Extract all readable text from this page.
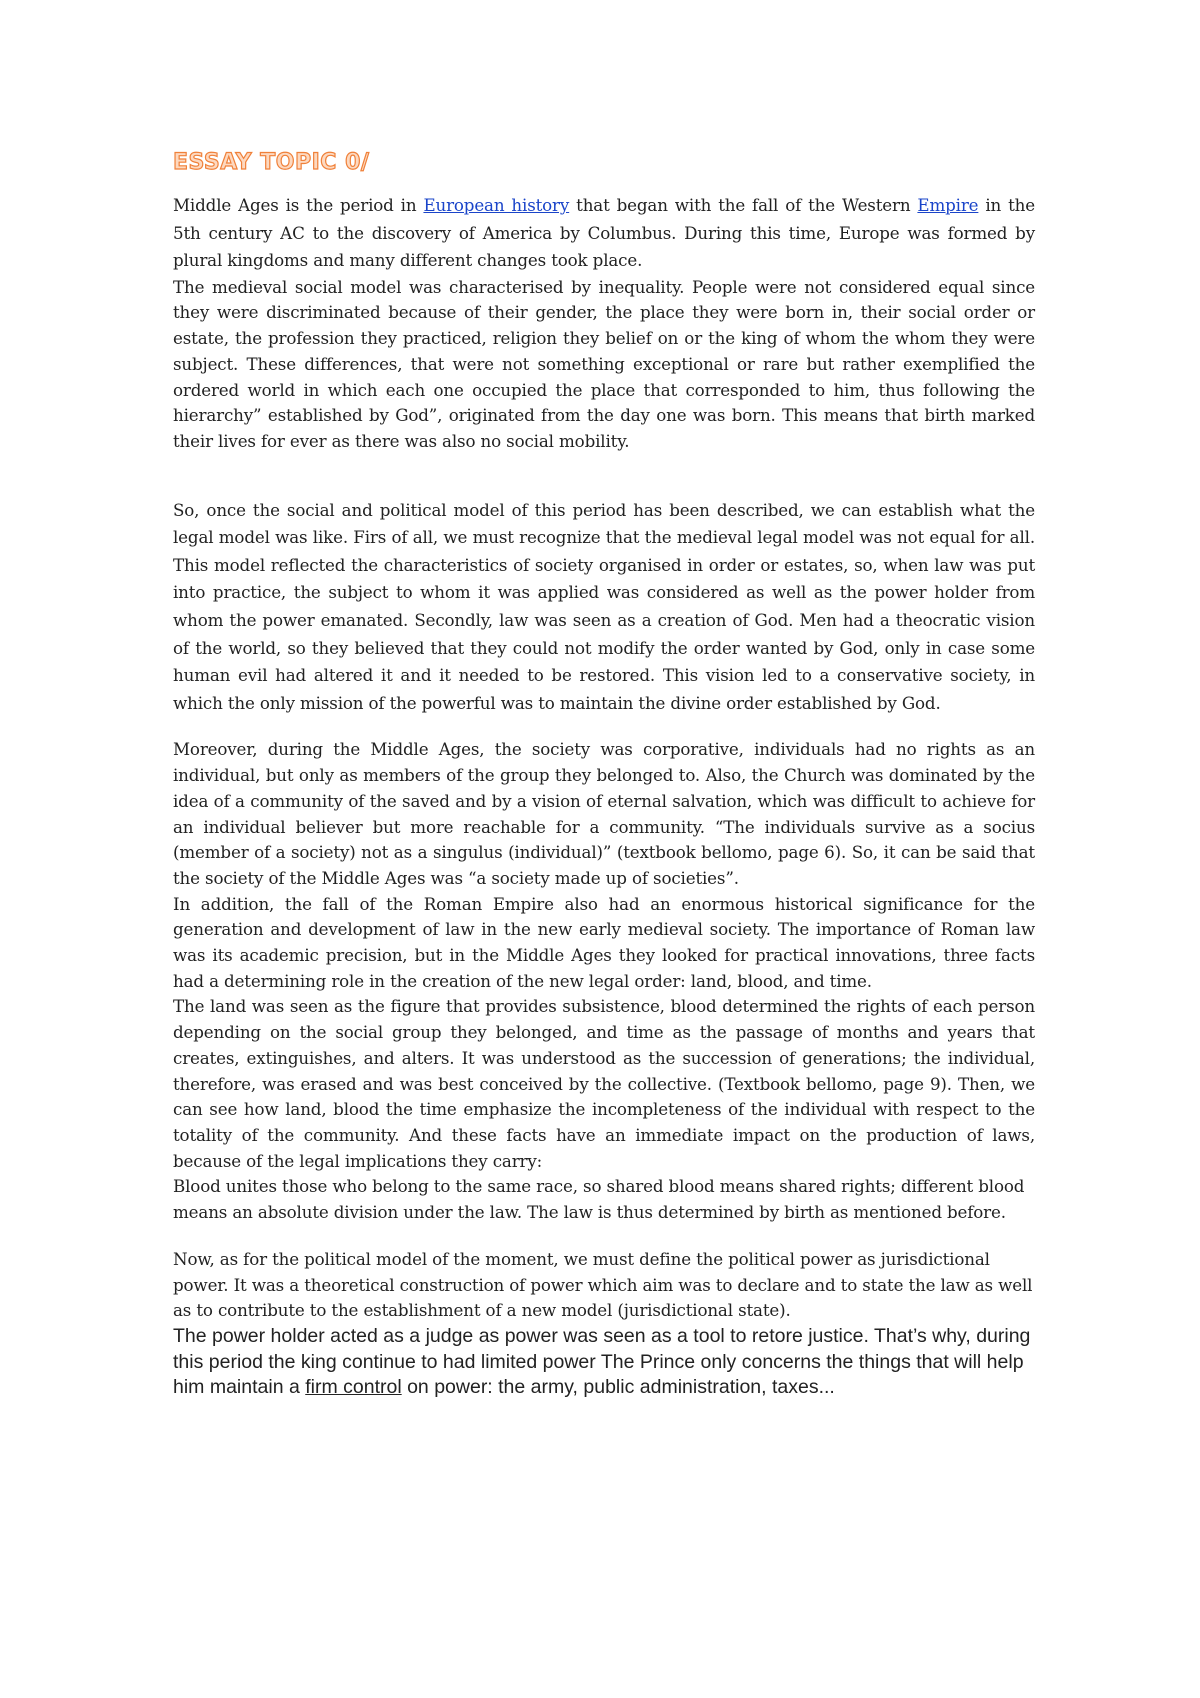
ESSAY TOPIC 0/

Middle Ages is the period in European history that began with the fall of the Western Empire in the 5th century AC to the discovery of America by Columbus. During this time, Europe was formed by plural kingdoms and many different changes took place.

The medieval social model was characterised by inequality. People were not considered equal since they were discriminated because of their gender, the place they were born in, their social order or estate, the profession they practiced, religion they belief on or the king of whom the whom they were subject. These differences, that were not something exceptional or rare but rather exemplified the ordered world in which each one occupied the place that corresponded to him, thus following the hierarchy” established by God”, originated from the day one was born. This means that birth marked their lives for ever as there was also no social mobility.

So, once the social and political model of this period has been described, we can establish what the legal model was like. Firs of all, we must recognize that the medieval legal model was not equal for all. This model reflected the characteristics of society organised in order or estates, so, when law was put into practice, the subject to whom it was applied was considered as well as the power holder from whom the power emanated. Secondly, law was seen as a creation of God. Men had a theocratic vision of the world, so they believed that they could not modify the order wanted by God, only in case some human evil had altered it and it needed to be restored. This vision led to a conservative society, in which the only mission of the powerful was to maintain the divine order established by God.

Moreover, during the Middle Ages, the society was corporative, individuals had no rights as an individual, but only as members of the group they belonged to. Also, the Church was dominated by the idea of a community of the saved and by a vision of eternal salvation, which was difficult to achieve for an individual believer but more reachable for a community. “The individuals survive as a socius (member of a society) not as a singulus (individual)” (textbook bellomo, page 6). So, it can be said that the society of the Middle Ages was “a society made up of societies”.

In addition, the fall of the Roman Empire also had an enormous historical significance for the generation and development of law in the new early medieval society. The importance of Roman law was its academic precision, but in the Middle Ages they looked for practical innovations, three facts had a determining role in the creation of the new legal order: land, blood, and time.

The land was seen as the figure that provides subsistence, blood determined the rights of each person depending on the social group they belonged, and time as the passage of months and years that creates, extinguishes, and alters. It was understood as the succession of generations; the individual, therefore, was erased and was best conceived by the collective. (Textbook bellomo, page 9). Then, we can see how land, blood the time emphasize the incompleteness of the individual with respect to the totality of the community. And these facts have an immediate impact on the production of laws, because of the legal implications they carry:

Blood unites those who belong to the same race, so shared blood means shared rights; different blood means an absolute division under the law. The law is thus determined by birth as mentioned before.

Now, as for the political model of the moment, we must define the political power as jurisdictional power. It was a theoretical construction of power which aim was to declare and to state the law as well as to contribute to the establishment of a new model (jurisdictional state).

The power holder acted as a judge as power was seen as a tool to retore justice. That’s why, during this period the king continue to had limited power The Prince only concerns the things that will help him maintain a firm control on power: the army, public administration, taxes...
